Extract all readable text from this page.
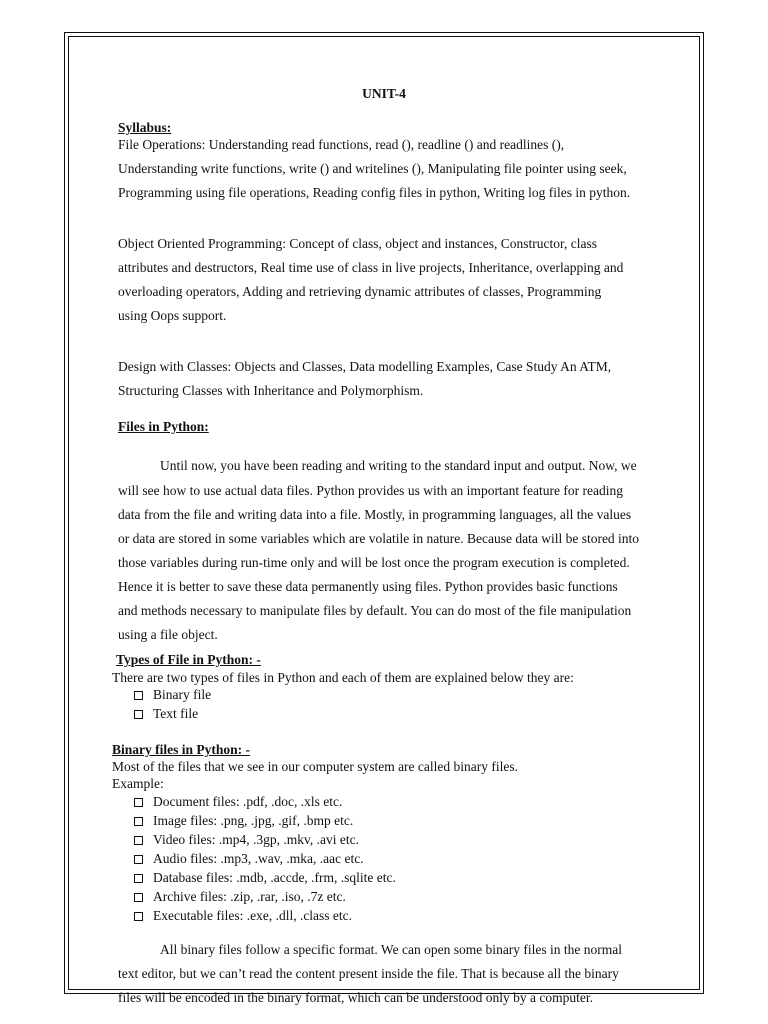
UNIT-4
Syllabus:
File Operations: Understanding read functions, read (), readline () and readlines (),
Understanding write functions, write () and writelines (), Manipulating file pointer using seek,
Programming using file operations, Reading config files in python, Writing log files in python.
Object Oriented Programming: Concept of class, object and instances, Constructor, class
attributes and destructors, Real time use of class in live projects, Inheritance, overlapping and
overloading operators, Adding and retrieving dynamic attributes of classes, Programming
using Oops support.
Design with Classes: Objects and Classes, Data modelling Examples, Case Study An ATM,
Structuring Classes with Inheritance and Polymorphism.
Files in Python:
Until now, you have been reading and writing to the standard input and output. Now, we
will see how to use actual data files. Python provides us with an important feature for reading
data from the file and writing data into a file. Mostly, in programming languages, all the values
or data are stored in some variables which are volatile in nature. Because data will be stored into
those variables during run-time only and will be lost once the program execution is completed.
Hence it is better to save these data permanently using files. Python provides basic functions
and methods necessary to manipulate files by default. You can do most of the file manipulation
using a file object.
Types of File in Python: -
There are two types of files in Python and each of them are explained below they are:
Binary file
Text file
Binary files in Python: -
Most of the files that we see in our computer system are called binary files.
Example:
Document files: .pdf, .doc, .xls etc.
Image files: .png, .jpg, .gif, .bmp etc.
Video files: .mp4, .3gp, .mkv, .avi etc.
Audio files: .mp3, .wav, .mka, .aac etc.
Database files: .mdb, .accde, .frm, .sqlite etc.
Archive files: .zip, .rar, .iso, .7z etc.
Executable files: .exe, .dll, .class etc.
All binary files follow a specific format. We can open some binary files in the normal
text editor, but we can’t read the content present inside the file. That is because all the binary
files will be encoded in the binary format, which can be understood only by a computer.
